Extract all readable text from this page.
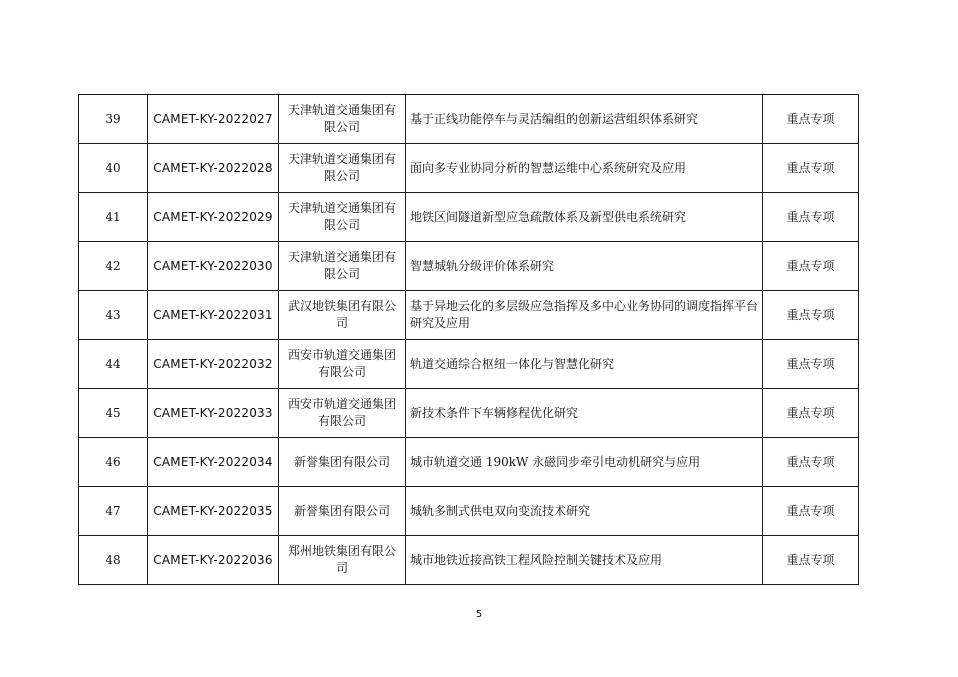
39	CAMET-KY-2022027	天津轨道交通集团有限公司	基于正线功能停车与灵活编组的创新运营组织体系研究	重点专项
40	CAMET-KY-2022028	天津轨道交通集团有限公司	面向多专业协同分析的智慧运维中心系统研究及应用	重点专项
41	CAMET-KY-2022029	天津轨道交通集团有限公司	地铁区间隧道新型应急疏散体系及新型供电系统研究	重点专项
42	CAMET-KY-2022030	天津轨道交通集团有限公司	智慧城轨分级评价体系研究	重点专项
43	CAMET-KY-2022031	武汉地铁集团有限公司	基于异地云化的多层级应急指挥及多中心业务协同的调度指挥平台研究及应用	重点专项
44	CAMET-KY-2022032	西安市轨道交通集团有限公司	轨道交通综合枢纽一体化与智慧化研究	重点专项
45	CAMET-KY-2022033	西安市轨道交通集团有限公司	新技术条件下车辆修程优化研究	重点专项
46	CAMET-KY-2022034	新誉集团有限公司	城市轨道交通 190kW 永磁同步牵引电动机研究与应用	重点专项
47	CAMET-KY-2022035	新誉集团有限公司	城轨多制式供电双向变流技术研究	重点专项
48	CAMET-KY-2022036	郑州地铁集团有限公司	城市地铁近接高铁工程风险控制关键技术及应用	重点专项
5
